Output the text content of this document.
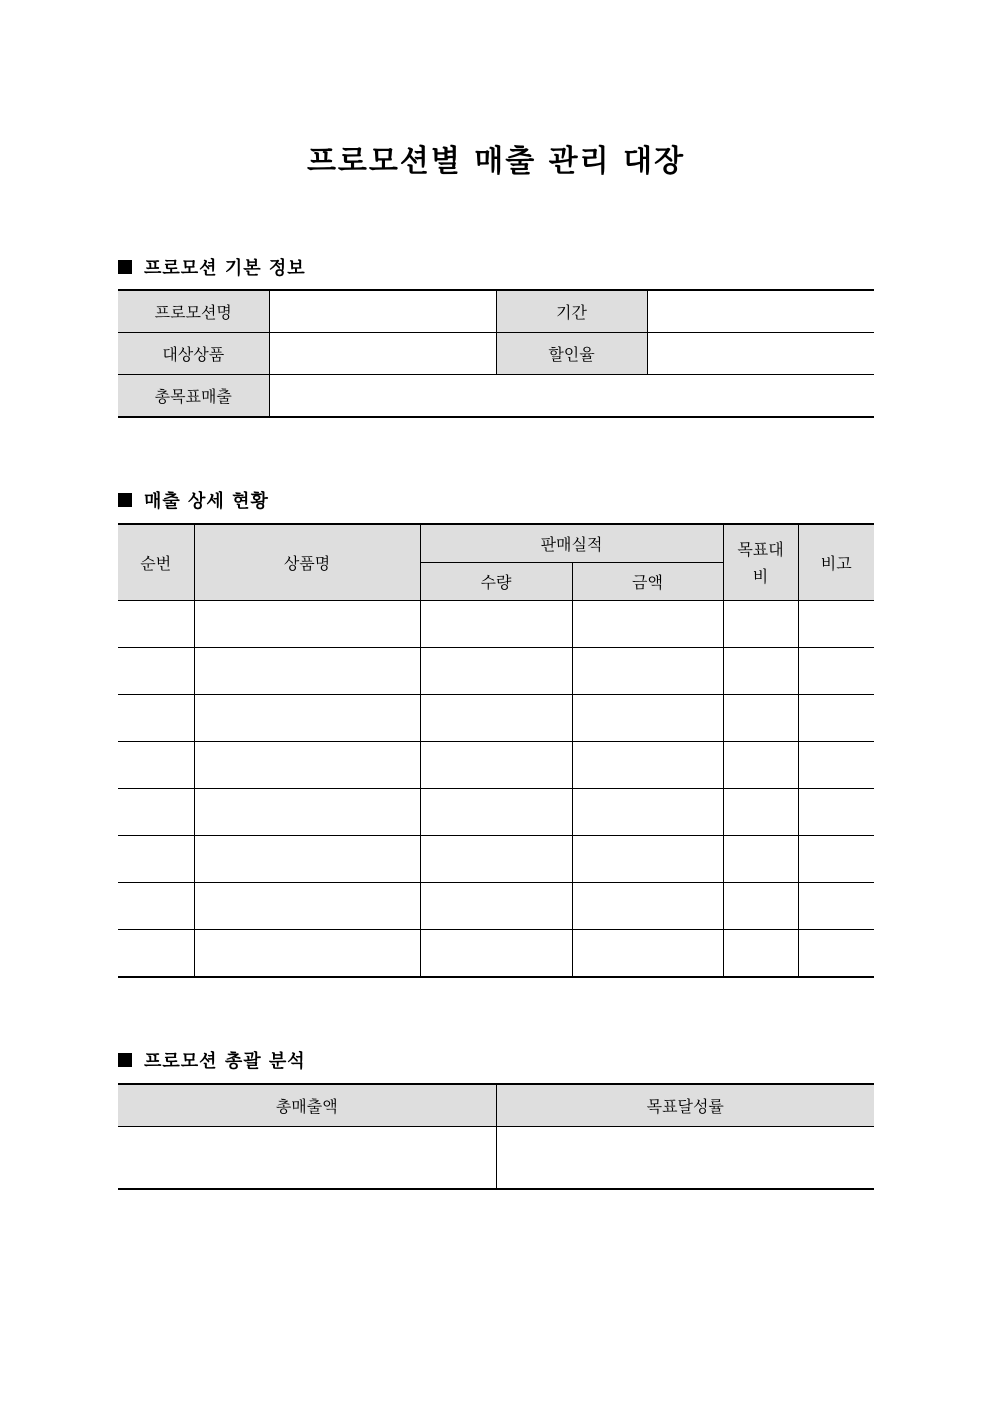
프로모션별 매출 관리 대장
프로모션 기본 정보
프로모션명		기간	
대상상품		할인율	
총목표매출			
매출 상세 현황
순번	상품명	판매실적		목표대비	비고
		수량	금액		

프로모션 총괄 분석
총매출액	목표달성률
